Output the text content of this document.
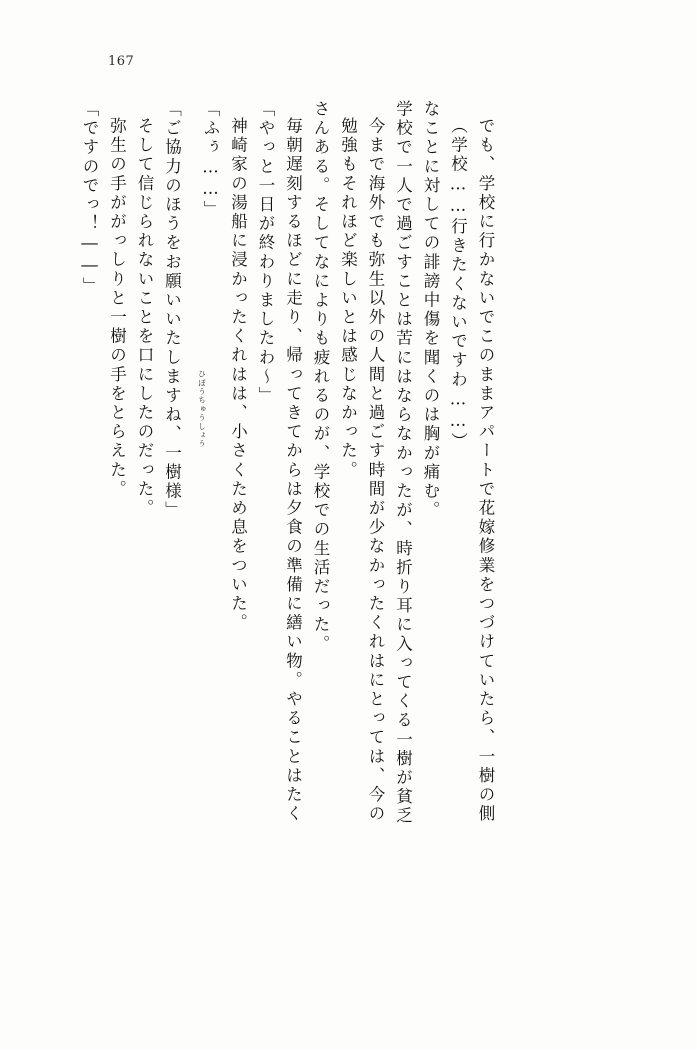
167
「ですのでっ！――」 弥生の手ががっしりと一樹の手をとらえた。 そして信じられないことを口にしたのだった。 「ご協力のほうをお願いいたしますね、一樹様」	「ふぅ……」 神崎家の湯船に浸かったくれはは、小さくため息をついた。 「やっと一日が終わりましたわ〜」 毎朝遅刻するほどに走り、帰ってきてからは夕食の準備に繕い物。やることはたく さんある。そしてなによりも疲れるのが、学校での生活だった。 勉強もそれほど楽しいとは感じなかった。 今まで海外でも弥生以外の人間と過ごす時間が少なかったくれはにとっては、今の 学校で一人で過ごすことは苦にはならなかったが、時折り耳に入ってくる一樹が貧乏 なことに対しての誹謗中傷を聞くのは胸が痛む。 （学校……行きたくないですわ……） でも、学校に行かないでこのままアパートで花嫁修業をつづけていたら、一樹の側
ひぼうちゅうしょう
